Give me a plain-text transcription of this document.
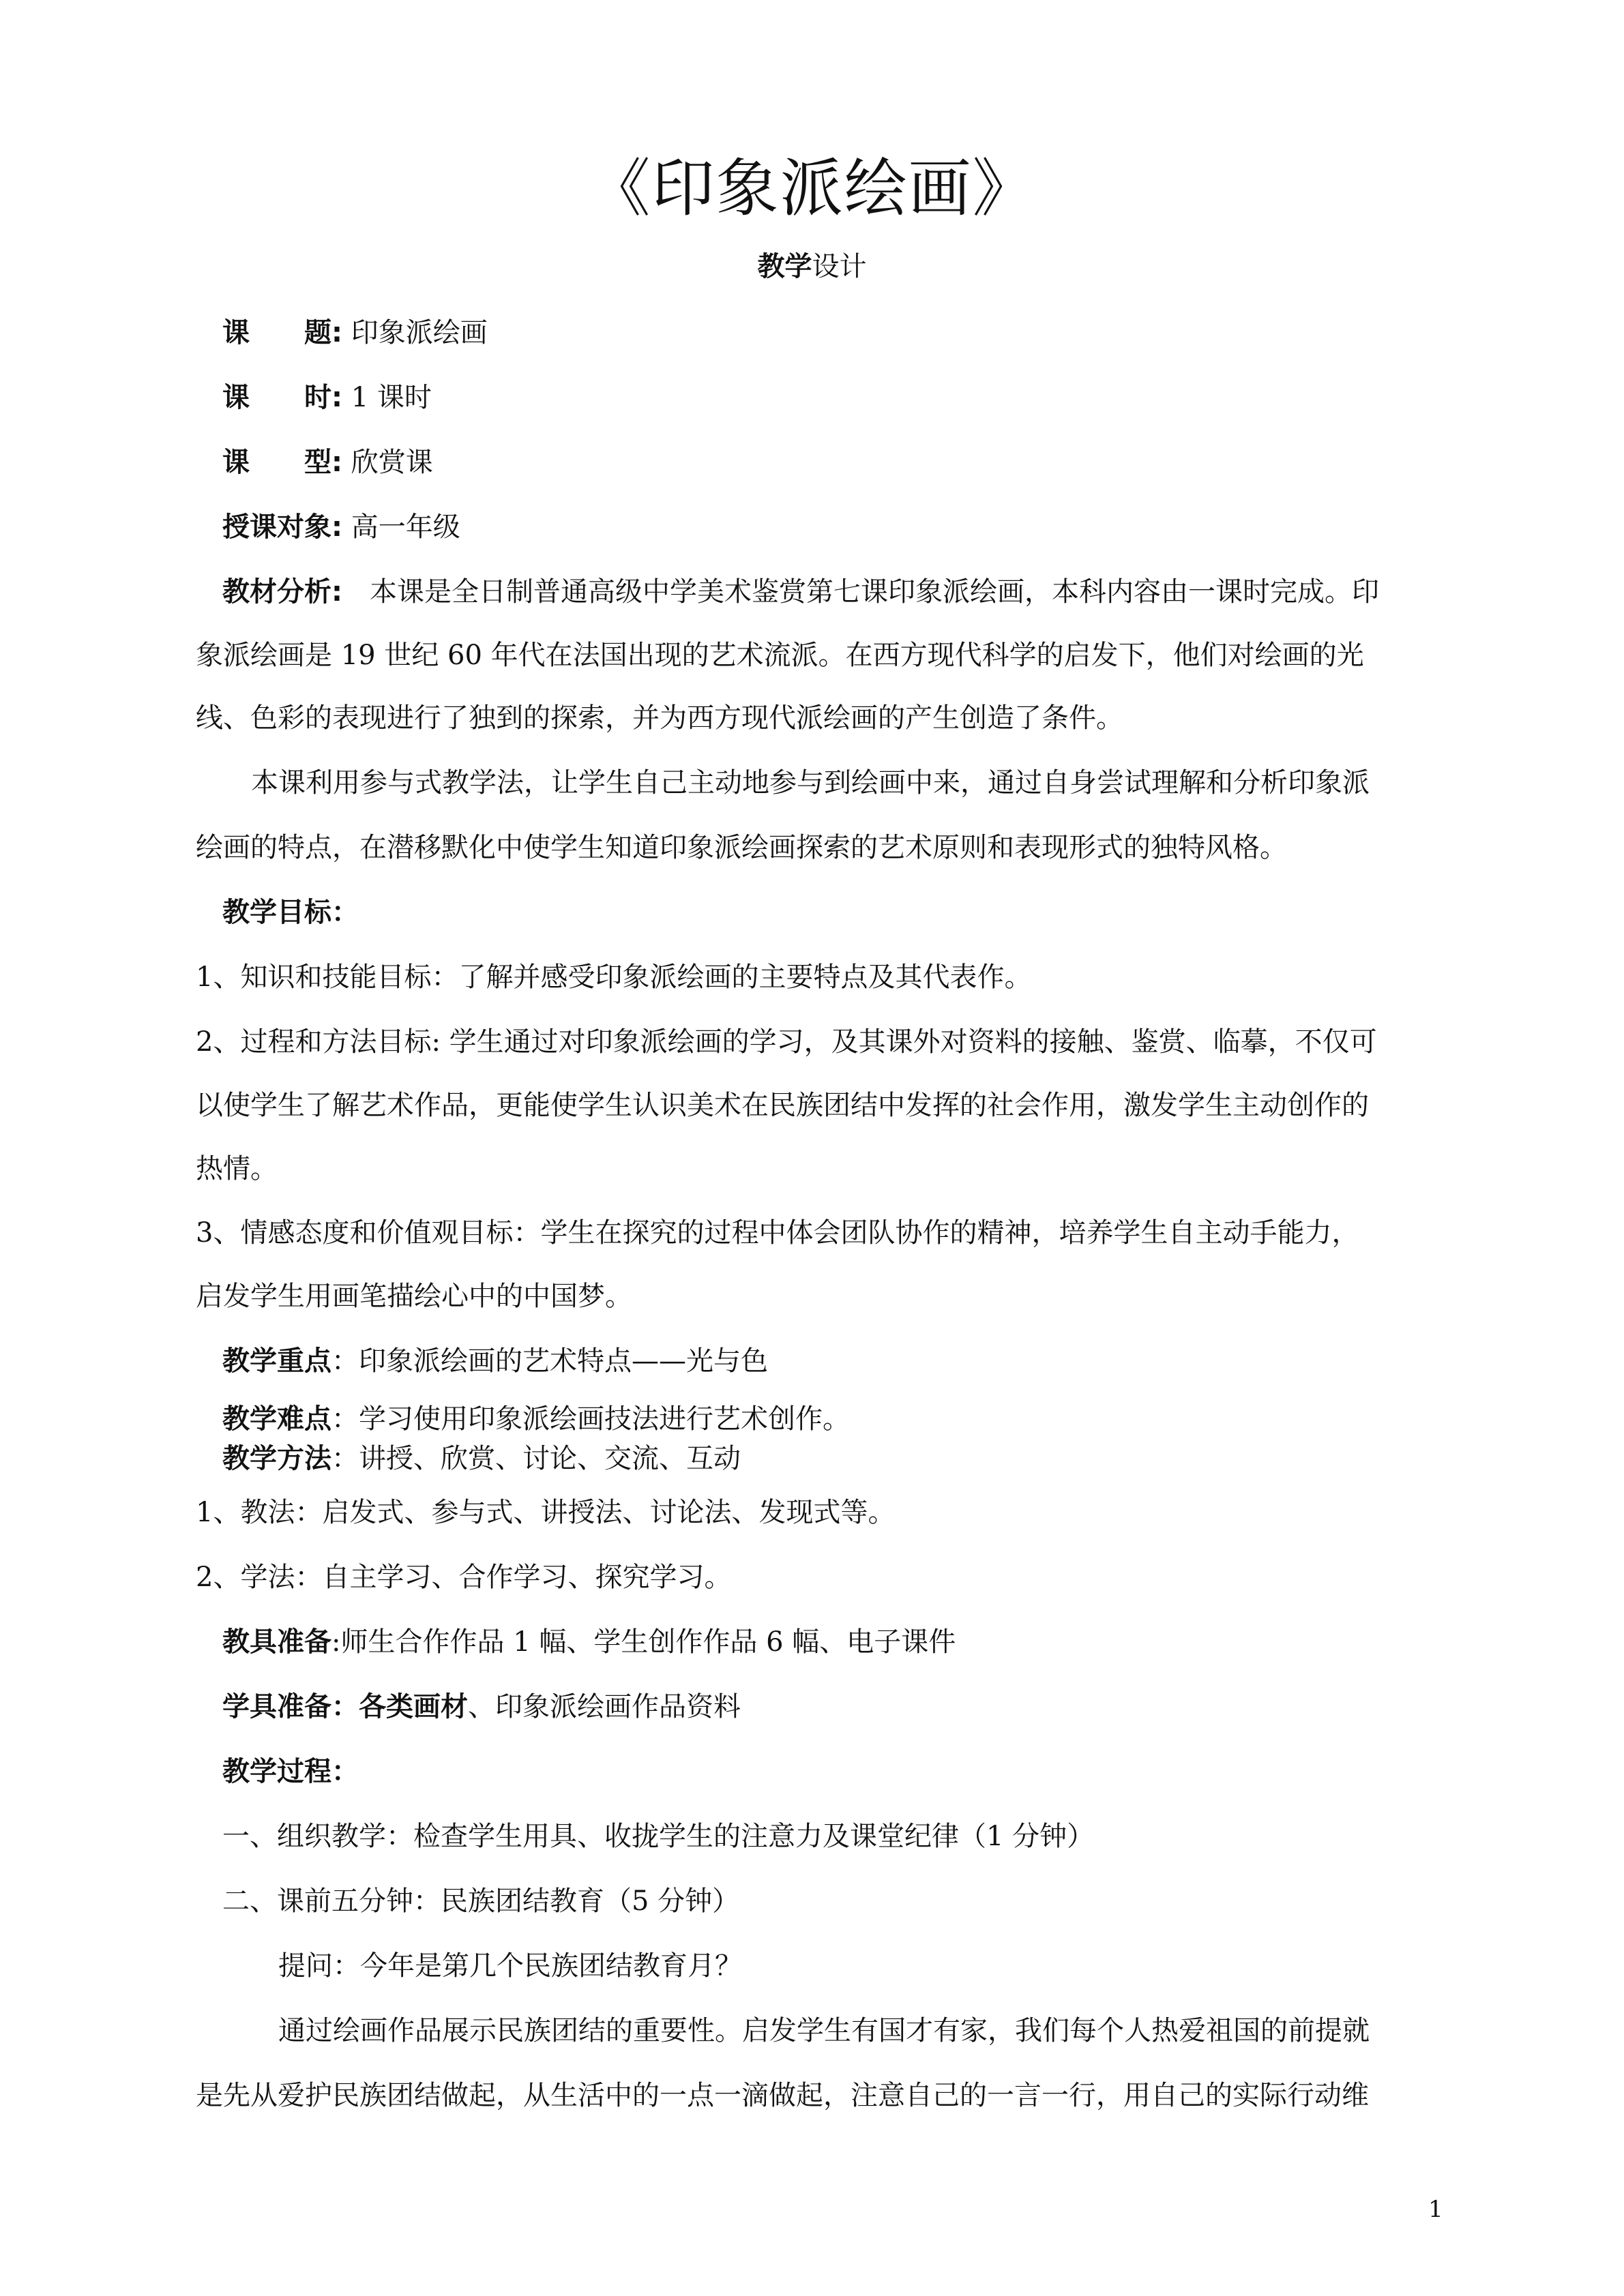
《印象派绘画》
教学设计
课 题: 印象派绘画
课 时: 1 课时
课 型: 欣赏课
授课对象: 高一年级
教材分析: 本课是全日制普通高级中学美术鉴赏第七课印象派绘画，本科内容由一课时完成。印
象派绘画是 19 世纪 60 年代在法国出现的艺术流派。在西方现代科学的启发下，他们对绘画的光
线、色彩的表现进行了独到的探索，并为西方现代派绘画的产生创造了条件。
本课利用参与式教学法，让学生自己主动地参与到绘画中来，通过自身尝试理解和分析印象派
绘画的特点，在潜移默化中使学生知道印象派绘画探索的艺术原则和表现形式的独特风格。
教学目标：
1、知识和技能目标：了解并感受印象派绘画的主要特点及其代表作。
2、过程和方法目标: 学生通过对印象派绘画的学习，及其课外对资料的接触、鉴赏、临摹，不仅可
以使学生了解艺术作品，更能使学生认识美术在民族团结中发挥的社会作用，激发学生主动创作的
热情。
3、情感态度和价值观目标：学生在探究的过程中体会团队协作的精神，培养学生自主动手能力，
启发学生用画笔描绘心中的中国梦。
教学重点：印象派绘画的艺术特点——光与色
教学难点：学习使用印象派绘画技法进行艺术创作。
教学方法：讲授、欣赏、讨论、交流、互动
1、教法：启发式、参与式、讲授法、讨论法、发现式等。
2、学法：自主学习、合作学习、探究学习。
教具准备:师生合作作品 1 幅、学生创作作品 6 幅、电子课件
学具准备：各类画材、印象派绘画作品资料
教学过程：
一、组织教学：检查学生用具、收拢学生的注意力及课堂纪律（1 分钟）
二、课前五分钟：民族团结教育（5 分钟）
提问：今年是第几个民族团结教育月？
通过绘画作品展示民族团结的重要性。启发学生有国才有家，我们每个人热爱祖国的前提就
是先从爱护民族团结做起，从生活中的一点一滴做起，注意自己的一言一行，用自己的实际行动维
1
